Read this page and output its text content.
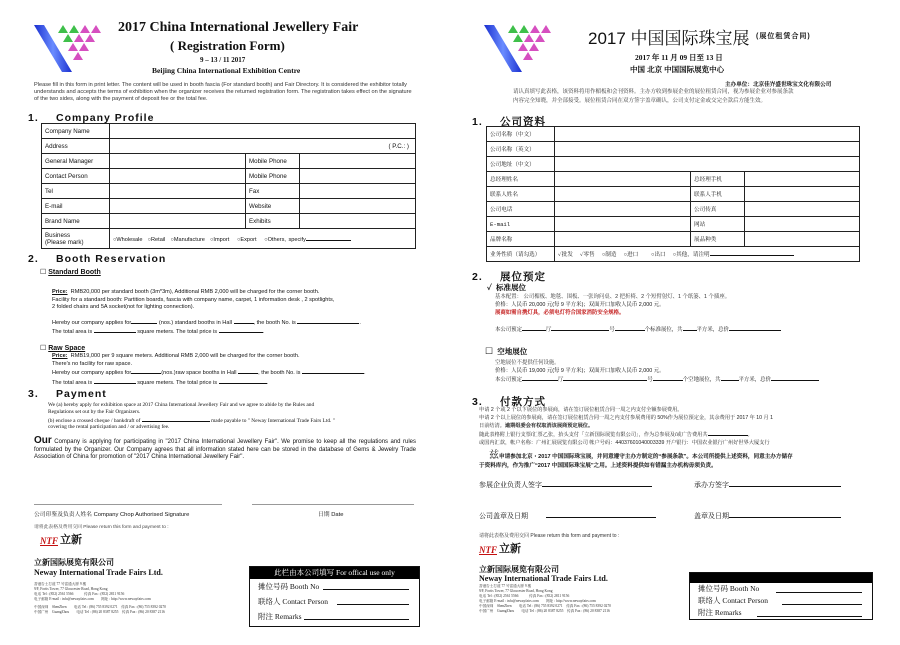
2017 China International Jewellery Fair
( Registration Form)
9 – 13 / 11 2017
Beijing China International Exhibition Centre
Please fill in this form in print letter. The content will be used in booth fascia (For standard booth) and Fair Directory. It is considered the exhibitor totally understands and accepts the terms of exhibition when the organizer receives the returned registration form. The registration takes effect on the signature of the two sides, along with the payment of deposit fee or the total fee.
1. Company Profile
Company Name			
Address	( P.C.: )		
General Manager		Mobile Phone	
Contact Person		Mobile Phone	
Tel		Fax	
E-mail		Website	
Brand Name		Exhibits	
Business
(Please mark)	○Wholesale ○Retail ○Manufacture ○Import ○Export ○Others, specify		
2. Booth Reservation
☐ Standard Booth
Price: RMB20,000 per standard booth (3m*3m), Additional RMB 2,000 will be charged for the corner booth.
Facility for a standard booth: Partition boards, fascia with company name, carpet, 1 information desk , 2 spotlights,
2 folded chairs and 5A socket(not for lighting connection).
Hereby our company applies for	(nos.) standard booths in Hall	, the booth No. is	.
The total area is	square meters. The total price is	.
☐ Raw Space
Price: RMB19,000 per 9 square meters. Additional RMB 2,000 will be charged for the corner booth.
There's no facility for raw space.
Hereby our company applies for	(nos.)raw space booths in Hall	, the booth No. is	.
The total area is	square meters. The total price is	.
3. Payment
We (a) hereby apply for exhibition space at 2017 China International Jewellery Fair and we agree to abide by the Rules and
Regulations set out by the Fair Organizers.
(b) enclose a crossed cheque / bankdraft of	made payable to " Neway International Trade Fairs Ltd. "
covering the rental participation and / or advertising fee.
Our Company is applying for participating in "2017 China International Jewellery Fair". We promise to keep all the regulations and rules formulated by the Organizer. Our Company agrees that all information stated here can be stored in the database of Gems & Jewelry Trade Association of China for promotion of "2017 China International Jewellery Fair".
公司印鉴及负责人姓名 Company Chop Authorised Signature	日期 Date
请将此表格及费用交回 Please return this form and payment to :
NTF 立新
立新国际展览有限公司
Neway International Trade Fairs Ltd.
香港告士打道 77 号富通大厦 9 楼
9/F, Fortis Tower, 77 Gloucester Road, Hong Kong
电话 Tel : (852) 2561 5566   	传真 Fax : (852) 2811 9156
电子邮箱 E-mail : info@newayfairs.com   网址 : http://www.newayfairs.com
中国深圳  ShenZhen   电话 Tel : (86) 755 8392 0271  传真 Fax : (86) 755 8392 0270
中国广州  GuangZhou   电话 Tel : (86) 20 8387 8255  传真 Fax : (86) 20 8387 2116
此栏由本公司填写 For offical use only
摊位号码 Booth No
联络人 Contact Person
附注 Remarks
2017 中国国际珠宝展 (展位租赁合同)
2017 年 11 月 09 日至 13 日
中国 北京 中国国际展览中心
主办单位：北京佳岕盛世珠宝文化有限公司
请认真填写此表格，该资料将用作楣板和会刊资料。主办方收到参展企业的展位租赁合同，视为参展企业对参展条款
内容完全知晓，并全部接受。展位租赁合同在双方签字盖章确认，公司支付定金或交完全款后方能生效。
1. 公司资料
公司名称（中文）			
公司名称（英文）			
公司地址（中文）			
总经理姓名		总经理手机	
联系人姓名		联系人手机	
公司电话		公司传真	
E-mail		网站	
品牌名称		展品种类	
业务性质（请勾选）	✓批发  ✓零售  ○制造  ○进口   ○出口  ○其他，请注明		
2. 展位预定
✓ 标准展位
基本配置： 公司楣板、地毯、围板、一张询问桌、2 把折椅、2 个短臂射灯、1 个纸篓、1 个插座。
价格：人民币 20,000 元(每 9 平方米)；双面开口加收人民币 2,000 元。
展商如需自携灯具，必须电灯符合国家消防安全规格。
本公司预定	厅	号	个标准展位，共	平方米，总价
☐ 空地展位
空地展位不提供任何设施。
价格：人民币 19,000 元(每 9 平方米)；双面开口加收人民币 2,000 元。
本公司预定	厅	号	个空地展位，共	平方米，总价
3. 付款方式
申请 2 个或 2 个以下展位的参展商，请在签订展位租赁合同一周之内支付全额参展费用。
申请 2 个以上展位的参展商，请在签订展位租赁合同一周之内支付参展费用的 50%作为展位预定金，其余费用于 2017 年 10 月 1
日前结清。逾期组委会有权取消该展商预定展位。
随此表格附上银行支票/汇票乙张，抬头支付「立新国际展览有限公司」，作为总参展及/或广告费用共	。
或国内汇款，帐户名称：广州汇展展览有限公司 帐户号码：44037601040003339 开户银行：中国农业银行广州好世界大厦支行
兹申请参加北京・2017 中国国际珠宝展，并同意遵守主办方制定的“参展条款”。本公司所提供上述资料，同意主办方储存
于资料库内，作为推广“2017 中国国际珠宝展”之用。上述资料提供如有错漏主办机构毋须负责。
参展企业负责人签字	承办方签字
公司盖章及日期	盖章及日期
请将此表格及费用交回 Please return this form and payment to :
NTF 立新
立新国际展览有限公司
Neway International Trade Fairs Ltd.
香港告士打道 77 号富通大厦 9 楼
9/F, Fortis Tower, 77 Gloucester Road, Hong Kong
电话 Tel : (852) 2561 5566   	传真 Fax : (852) 2811 9156
电子邮箱 E-mail : info@newayfairs.com   网址 : http://www.newayfairs.com
中国深圳  ShenZhen   电话 Tel : (86) 755 8392 0271  传真 Fax : (86) 755 8392 0270
中国广州  GuangZhou   电话 Tel : (86) 20 8387 8255  传真 Fax : (86) 20 8387 2116
摊位号码 Booth No
联络人 Contact Person
附注 Remarks
